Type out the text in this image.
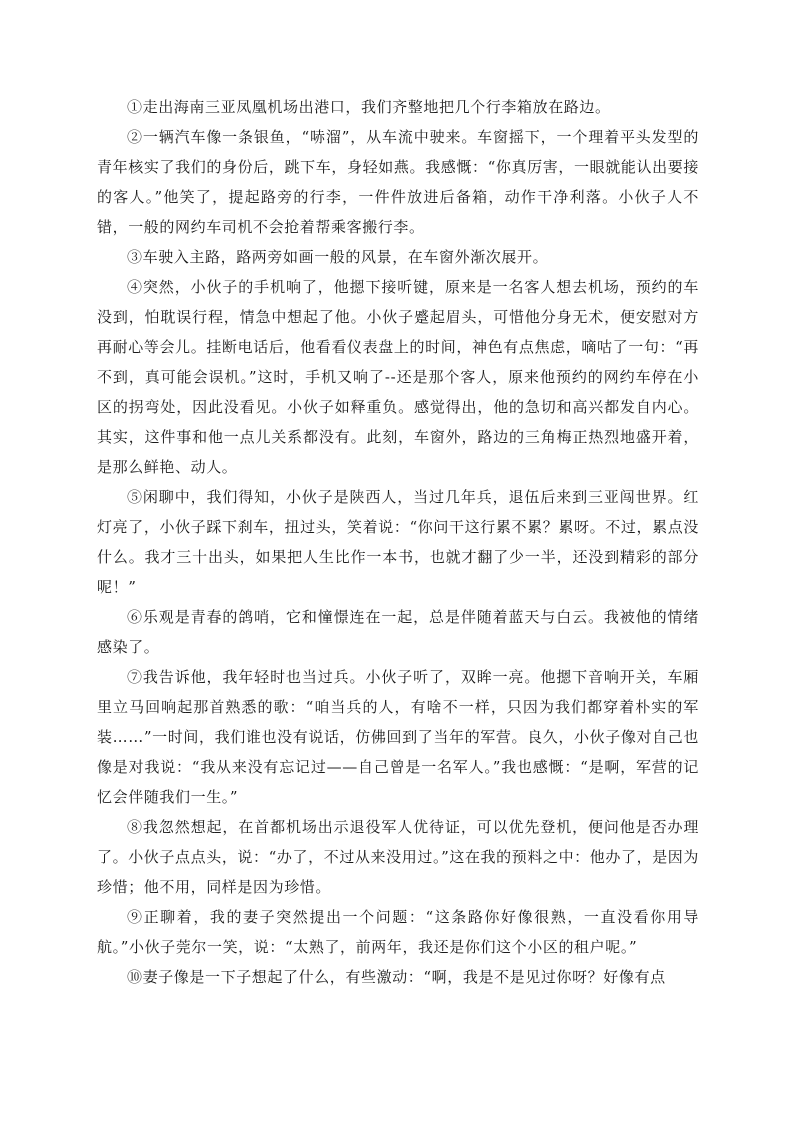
①走出海南三亚凤凰机场出港口，我们齐整地把几个行李箱放在路边。

②一辆汽车像一条银鱼，“哧溜”，从车流中驶来。车窗摇下，一个理着平头发型的青年核实了我们的身份后，跳下车，身轻如燕。我感慨：“你真厉害，一眼就能认出要接的客人。”他笑了，提起路旁的行李，一件件放进后备箱，动作干净利落。小伙子人不错，一般的网约车司机不会抢着帮乘客搬行李。

③车驶入主路，路两旁如画一般的风景，在车窗外渐次展开。

④突然，小伙子的手机响了，他摁下接听键，原来是一名客人想去机场，预约的车没到，怕耽误行程，情急中想起了他。小伙子蹙起眉头，可惜他分身无术，便安慰对方再耐心等会儿。挂断电话后，他看看仪表盘上的时间，神色有点焦虑，嘀咕了一句：“再不到，真可能会误机。”这时，手机又响了--还是那个客人，原来他预约的网约车停在小区的拐弯处，因此没看见。小伙子如释重负。感觉得出，他的急切和高兴都发自内心。其实，这件事和他一点儿关系都没有。此刻，车窗外，路边的三角梅正热烈地盛开着，是那么鲜艳、动人。

⑤闲聊中，我们得知，小伙子是陕西人，当过几年兵，退伍后来到三亚闯世界。红灯亮了，小伙子踩下刹车，扭过头，笑着说：“你问干这行累不累？累呀。不过，累点没什么。我才三十出头，如果把人生比作一本书，也就才翻了少一半，还没到精彩的部分呢！”

⑥乐观是青春的鸽哨，它和憧憬连在一起，总是伴随着蓝天与白云。我被他的情绪感染了。

⑦我告诉他，我年轻时也当过兵。小伙子听了，双眸一亮。他摁下音响开关，车厢里立马回响起那首熟悉的歌：“咱当兵的人，有啥不一样，只因为我们都穿着朴实的军装……”一时间，我们谁也没有说话，仿佛回到了当年的军营。良久，小伙子像对自己也像是对我说：“我从来没有忘记过——自己曾是一名军人。”我也感慨：“是啊，军营的记忆会伴随我们一生。”

⑧我忽然想起，在首都机场出示退役军人优待证，可以优先登机，便问他是否办理了。小伙子点点头，说：“办了，不过从来没用过。”这在我的预料之中：他办了，是因为珍惜；他不用，同样是因为珍惜。

⑨正聊着，我的妻子突然提出一个问题：“这条路你好像很熟，一直没看你用导航。”小伙子莞尔一笑，说：“太熟了，前两年，我还是你们这个小区的租户呢。”

⑩妻子像是一下子想起了什么，有些激动：“啊，我是不是见过你呀？好像有点
